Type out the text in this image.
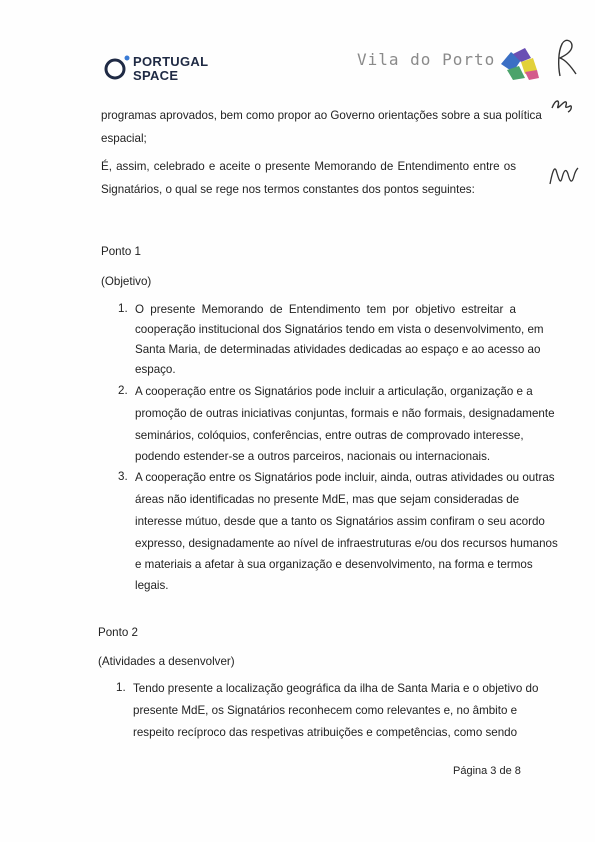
PORTUGAL
SPACE
Vila do Porto
programas aprovados, bem como propor ao Governo orientações sobre a sua política
espacial;
É, assim, celebrado e aceite o presente Memorando de Entendimento entre os
Signatários, o qual se rege nos termos constantes dos pontos seguintes:
Ponto 1
(Objetivo)
1. O presente Memorando de Entendimento tem por objetivo estreitar a
cooperação institucional dos Signatários tendo em vista o desenvolvimento, em
Santa Maria, de determinadas atividades dedicadas ao espaço e ao acesso ao
espaço.
2. A cooperação entre os Signatários pode incluir a articulação, organização e a
promoção de outras iniciativas conjuntas, formais e não formais, designadamente
seminários, colóquios, conferências, entre outras de comprovado interesse,
podendo estender-se a outros parceiros, nacionais ou internacionais.
3. A cooperação entre os Signatários pode incluir, ainda, outras atividades ou outras
áreas não identificadas no presente MdE, mas que sejam consideradas de
interesse mútuo, desde que a tanto os Signatários assim confiram o seu acordo
expresso, designadamente ao nível de infraestruturas e/ou dos recursos humanos
e materiais a afetar à sua organização e desenvolvimento, na forma e termos
legais.
Ponto 2
(Atividades a desenvolver)
1. Tendo presente a localização geográfica da ilha de Santa Maria e o objetivo do
presente MdE, os Signatários reconhecem como relevantes e, no âmbito e
respeito recíproco das respetivas atribuições e competências, como sendo
Página 3 de 8
